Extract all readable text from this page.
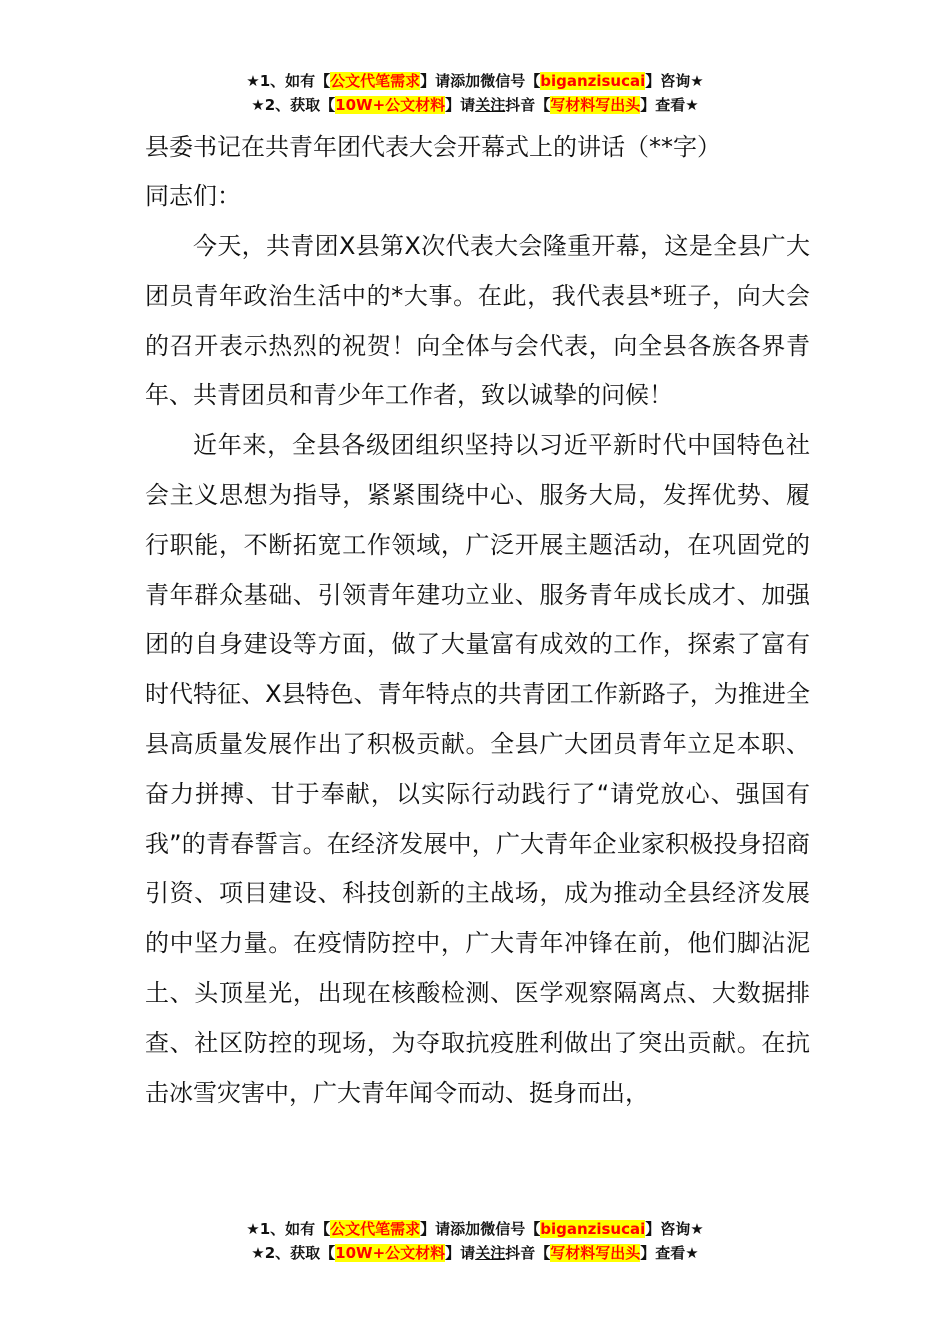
★1、如有【公文代笔需求】请添加微信号【biganzisucai】咨询★
★2、获取【10W+公文材料】请关注抖音【写材料写出头】查看★

县委书记在共青年团代表大会开幕式上的讲话（**字）

同志们：

今天，共青团X县第X次代表大会隆重开幕，这是全县广大团员青年政治生活中的*大事。在此，我代表县*班子，向大会的召开表示热烈的祝贺！向全体与会代表，向全县各族各界青年、共青团员和青少年工作者，致以诚挚的问候！

近年来，全县各级团组织坚持以习近平新时代中国特色社会主义思想为指导，紧紧围绕中心、服务大局，发挥优势、履行职能，不断拓宽工作领域，广泛开展主题活动，在巩固党的青年群众基础、引领青年建功立业、服务青年成长成才、加强团的自身建设等方面，做了大量富有成效的工作，探索了富有时代特征、X县特色、青年特点的共青团工作新路子，为推进全县高质量发展作出了积极贡献。全县广大团员青年立足本职、奋力拼搏、甘于奉献，以实际行动践行了“请党放心、强国有我”的青春誓言。在经济发展中，广大青年企业家积极投身招商引资、项目建设、科技创新的主战场，成为推动全县经济发展的中坚力量。在疫情防控中，广大青年冲锋在前，他们脚沾泥土、头顶星光，出现在核酸检测、医学观察隔离点、大数据排查、社区防控的现场，为夺取抗疫胜利做出了突出贡献。在抗击冰雪灾害中，广大青年闻令而动、挺身而出，

★1、如有【公文代笔需求】请添加微信号【biganzisucai】咨询★
★2、获取【10W+公文材料】请关注抖音【写材料写出头】查看★
